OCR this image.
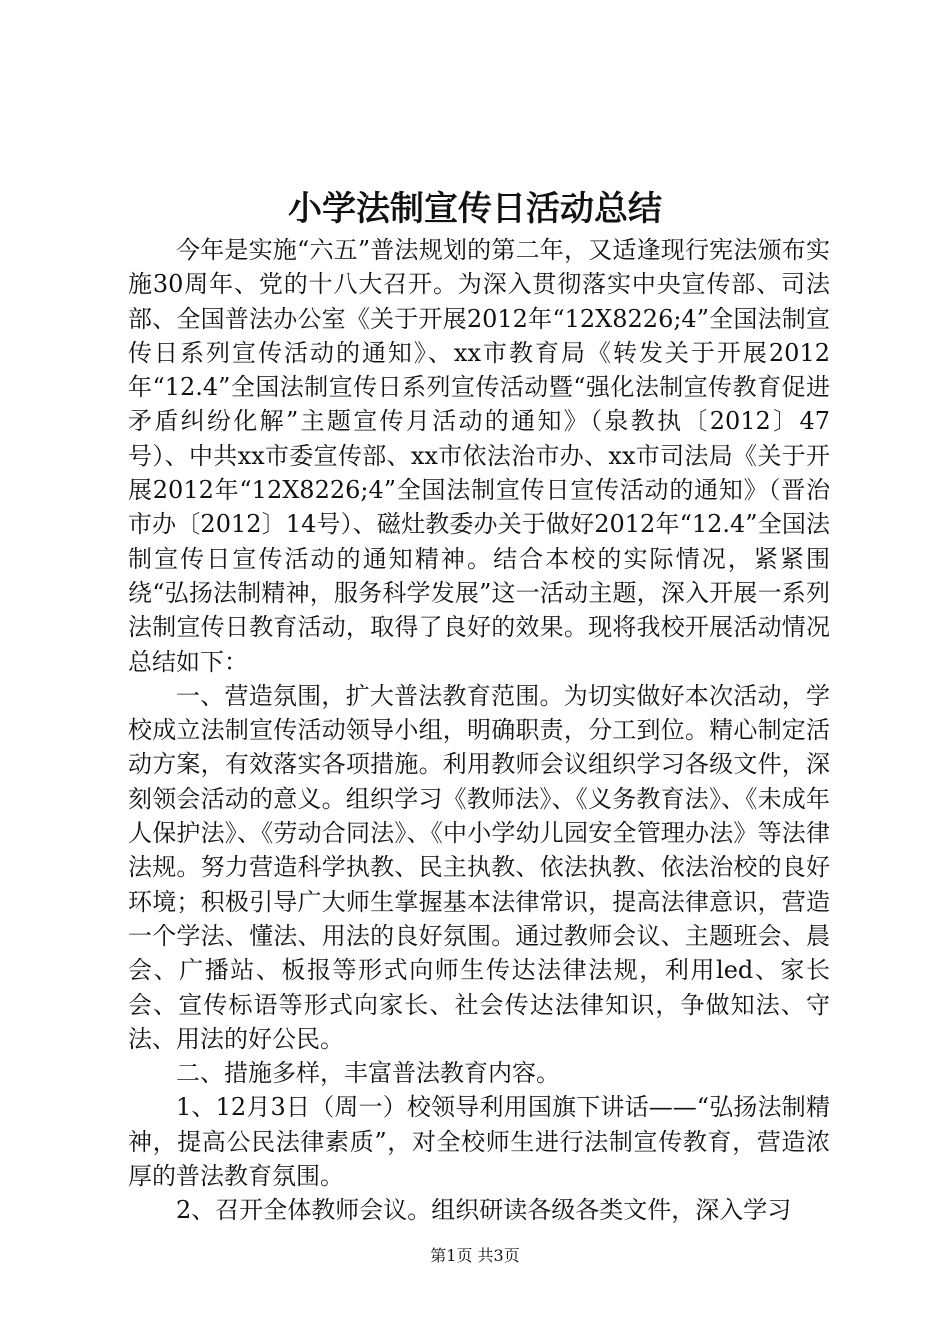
小学法制宣传日活动总结

今年是实施“六五”普法规划的第二年，又适逢现行宪法颁布实施30周年、党的十八大召开。为深入贯彻落实中央宣传部、司法部、全国普法办公室《关于开展2012年“12X8226;4”全国法制宣传日系列宣传活动的通知》、xx市教育局《转发关于开展2012年“12.4”全国法制宣传日系列宣传活动暨“强化法制宣传教育促进矛盾纠纷化解”主题宣传月活动的通知》（泉教执〔2012〕47号）、中共xx市委宣传部、xx市依法治市办、xx市司法局《关于开展2012年“12X8226;4”全国法制宣传日宣传活动的通知》（晋治市办〔2012〕14号）、磁灶教委办关于做好2012年“12.4”全国法制宣传日宣传活动的通知精神。结合本校的实际情况，紧紧围绕“弘扬法制精神，服务科学发展”这一活动主题，深入开展一系列法制宣传日教育活动，取得了良好的效果。现将我校开展活动情况总结如下：

一、营造氛围，扩大普法教育范围。为切实做好本次活动，学校成立法制宣传活动领导小组，明确职责，分工到位。精心制定活动方案，有效落实各项措施。利用教师会议组织学习各级文件，深刻领会活动的意义。组织学习《教师法》、《义务教育法》、《未成年人保护法》、《劳动合同法》、《中小学幼儿园安全管理办法》等法律法规。努力营造科学执教、民主执教、依法执教、依法治校的良好环境；积极引导广大师生掌握基本法律常识，提高法律意识，营造一个学法、懂法、用法的良好氛围。通过教师会议、主题班会、晨会、广播站、板报等形式向师生传达法律法规，利用led、家长会、宣传标语等形式向家长、社会传达法律知识，争做知法、守法、用法的好公民。

二、措施多样，丰富普法教育内容。

1、12月3日（周一）校领导利用国旗下讲话——“弘扬法制精神，提高公民法律素质”，对全校师生进行法制宣传教育，营造浓厚的普法教育氛围。

2、召开全体教师会议。组织研读各级各类文件，深入学习

第1页 共3页
